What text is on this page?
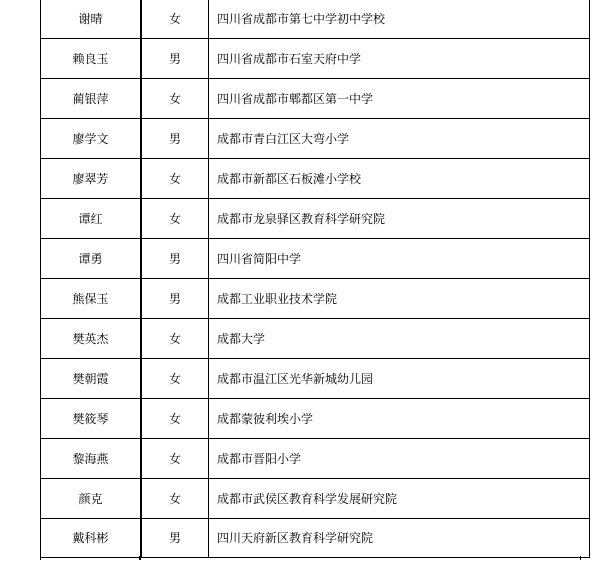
谢晴	女	四川省成都市第七中学初中学校
赖良玉	男	四川省成都市石室天府中学
蔺银萍	女	四川省成都市郫都区第一中学
廖学文	男	成都市青白江区大弯小学
廖翠芳	女	成都市新都区石板滩小学校
谭红	女	成都市龙泉驿区教育科学研究院
谭勇	男	四川省简阳中学
熊保玉	男	成都工业职业技术学院
樊英杰	女	成都大学
樊朝霞	女	成都市温江区光华新城幼儿园
樊筱琴	女	成都蒙彼利埃小学
黎海燕	女	成都市晋阳小学
颜克	女	成都市武侯区教育科学发展研究院
戴科彬	男	四川天府新区教育科学研究院
